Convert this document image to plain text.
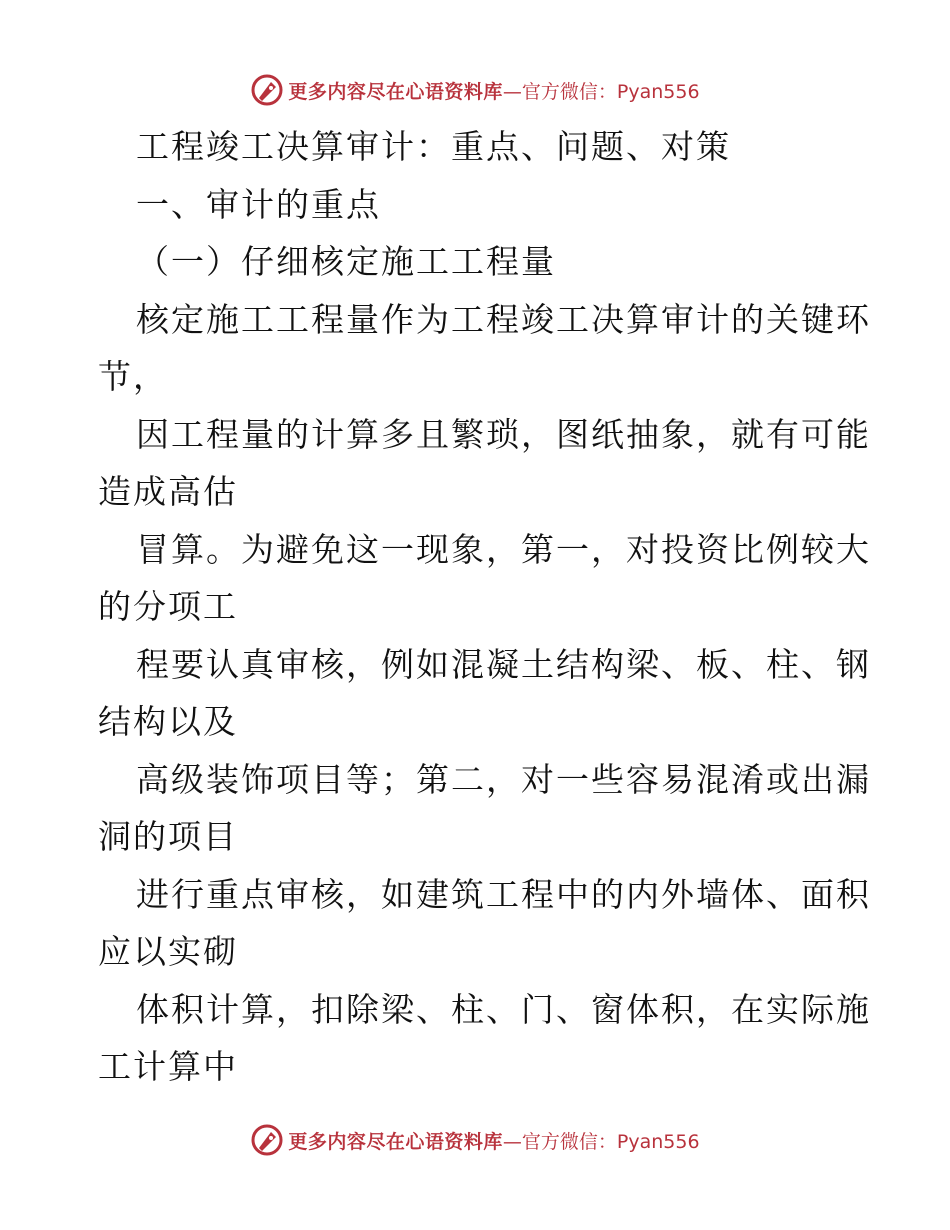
更多内容尽在心语资料库 —官方微信：Pyan556
工程竣工决算审计：重点、问题、对策
一、审计的重点
（一）仔细核定施工工程量
核定施工工程量作为工程竣工决算审计的关键环
节，
因工程量的计算多且繁琐，图纸抽象，就有可能
造成高估
冒算。为避免这一现象，第一，对投资比例较大
的分项工
程要认真审核，例如混凝土结构梁、板、柱、钢
结构以及
高级装饰项目等；第二，对一些容易混淆或出漏
洞的项目
进行重点审核，如建筑工程中的内外墙体、面积
应以实砌
体积计算，扣除梁、柱、门、窗体积，在实际施
工计算中
更多内容尽在心语资料库 —官方微信：Pyan556
